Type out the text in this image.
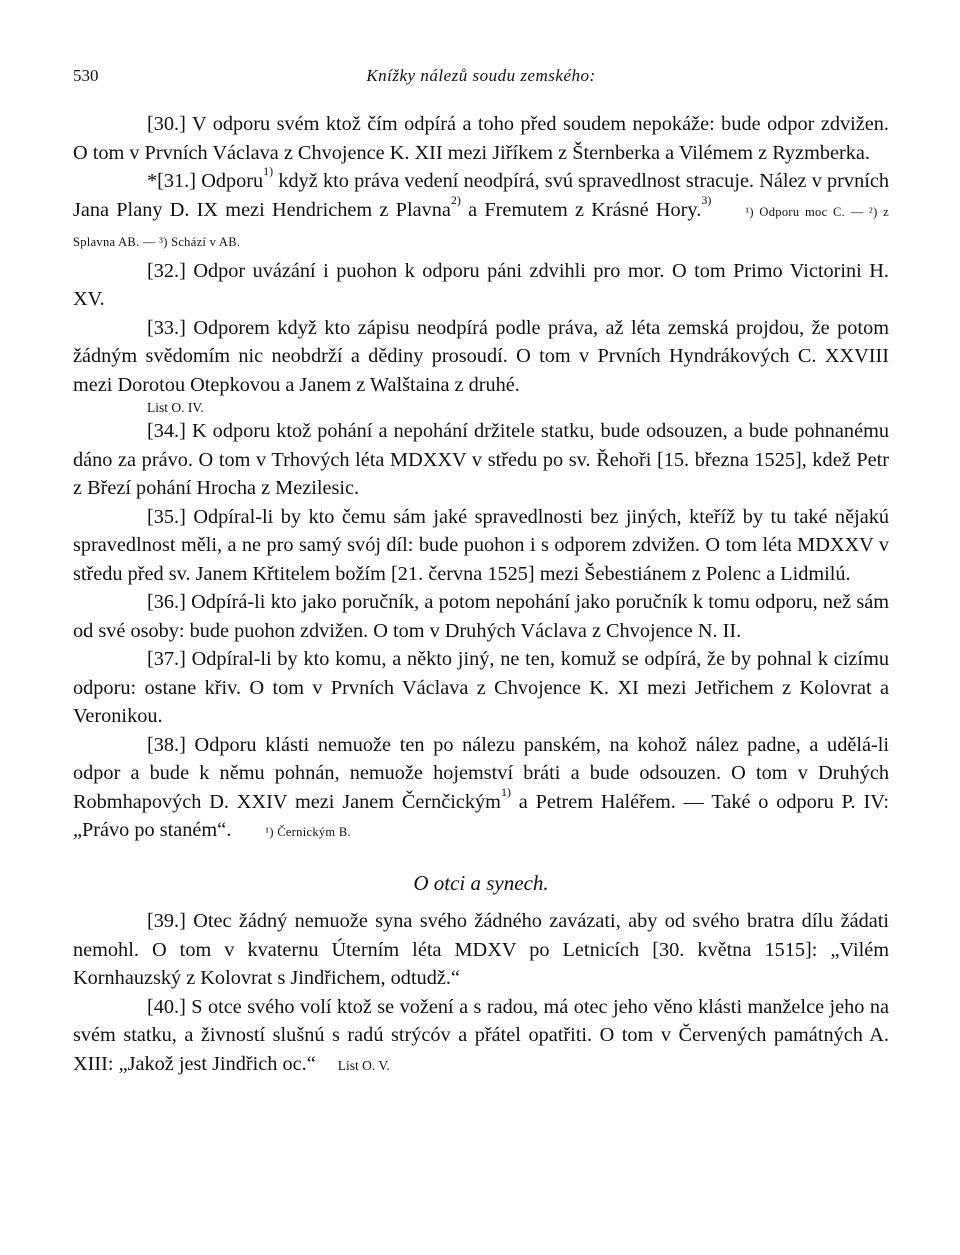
530	Knížky nálezů soudu zemského:

[30.] V odporu svém ktož čím odpírá a toho před soudem nepokáže: bude odpor zdvižen. O tom v Prvních Václava z Chvojence K. XII mezi Jiříkem z Šternberka a Vilémem z Ryzmberka.

*[31.] Odporu$^{1)}$ když kto práva vedení neodpírá, svú spravedlnost stracuje. Nález v prvních Jana Plany D. IX mezi Hendrichem z Plavna$^{2)}$ a Fremutem z Krásné Hory.$^{3)}$¹) Odporu moc C. — ²) z Splavna AB. — ³) Schází v AB.

[32.] Odpor uvázání i puohon k odporu páni zdvihli pro mor. O tom Primo Victorini H. XV.

[33.] Odporem když kto zápisu neodpírá podle práva, až léta zemská projdou, že potom žádným svědomím nic neobdrží a dědiny prosoudí. O tom v Prvních Hyndrákových C. XXVIII mezi Dorotou Otepkovou a Janem z Walštaina z druhé.

List O. IV.

[34.] K odporu ktož pohání a nepohání držitele statku, bude odsouzen, a bude pohnanému dáno za právo. O tom v Trhových léta MDXXV v středu po sv. Řehoři [15. března 1525], kdež Petr z Březí pohání Hrocha z Mezilesic.

[35.] Odpíral-li by kto čemu sám jaké spravedlnosti bez jiných, kteříž by tu také nějakú spravedlnost měli, a ne pro samý svój díl: bude puohon i s odporem zdvižen. O tom léta MDXXV v středu před sv. Janem Křtitelem božím [21. června 1525] mezi Šebestiánem z Polenc a Lidmilú.

[36.] Odpírá-li kto jako poručník, a potom nepohání jako poručník k tomu odporu, než sám od své osoby: bude puohon zdvižen. O tom v Druhých Václava z Chvojence N. II.

[37.] Odpíral-li by kto komu, a někto jiný, ne ten, komuž se odpírá, že by pohnal k cizímu odporu: ostane křiv. O tom v Prvních Václava z Chvojence K. XI mezi Jetřichem z Kolovrat a Veronikou.

[38.] Odporu klásti nemuože ten po nálezu panském, na kohož nález padne, a udělá-li odpor a bude k němu pohnán, nemuože hojemství bráti a bude odsouzen. O tom v Druhých Robmhapových D. XXIV mezi Janem Černčickým$^{1)}$ a Petrem Haléřem. — Také o odporu P. IV: „Právo po staném“.	¹) Černickým B.

O otci a synech.

[39.] Otec žádný nemuože syna svého žádného zavázati, aby od svého bratra dílu žádati nemohl. O tom v kvaternu Úterním léta MDXV po Letnicích [30. května 1515]: „Vilém Kornhauzský z Kolovrat s Jindřichem, odtudž.“

[40.] S otce svého volí ktož se vožení a s radou, má otec jeho věno klásti manželce jeho na svém statku, a živností slušnú s radú strýcóv a přátel opatřiti. O tom v Červených památných A. XIII: „Jakož jest Jindřich oc.“ List O. V.
